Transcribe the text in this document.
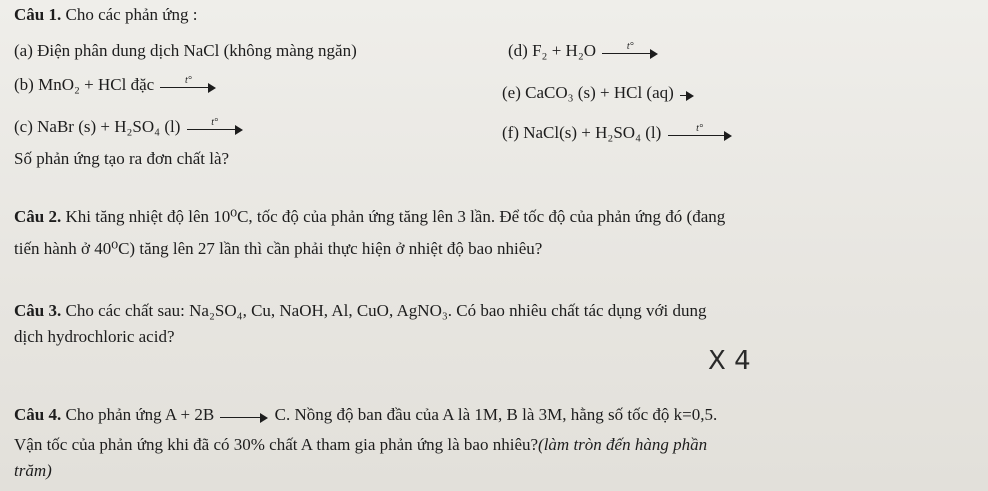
Câu 1. Cho các phản ứng :
(a) Điện phân dung dịch NaCl (không màng ngăn)	(d) F₂ + H₂O	t°
(b) MnO₂ + HCl đặc	t°
(e) CaCO₃ (s) + HCl (aq)
(c) NaBr (s) + H₂SO₄ (l)	t°
(f) NaCl(s) + H₂SO₄ (l)	t°
Số phản ứng tạo ra đơn chất là?
Câu 2. Khi tăng nhiệt độ lên 10⁰C, tốc độ của phản ứng tăng lên 3 lần. Để tốc độ của phản ứng đó (đang
tiến hành ở 40⁰C) tăng lên 27 lần thì cần phải thực hiện ở nhiệt độ bao nhiêu?
Câu 3. Cho các chất sau: Na₂SO₄, Cu, NaOH, Al, CuO, AgNO₃. Có bao nhiêu chất tác dụng với dung
dịch hydrochloric acid?
X 4
Câu 4. Cho phản ứng A + 2B	C. Nồng độ ban đầu của A là 1M, B là 3M, hằng số tốc độ k=0,5.
Vận tốc của phản ứng khi đã có 30% chất A tham gia phản ứng là bao nhiêu?(làm tròn đến hàng phần
trăm)
